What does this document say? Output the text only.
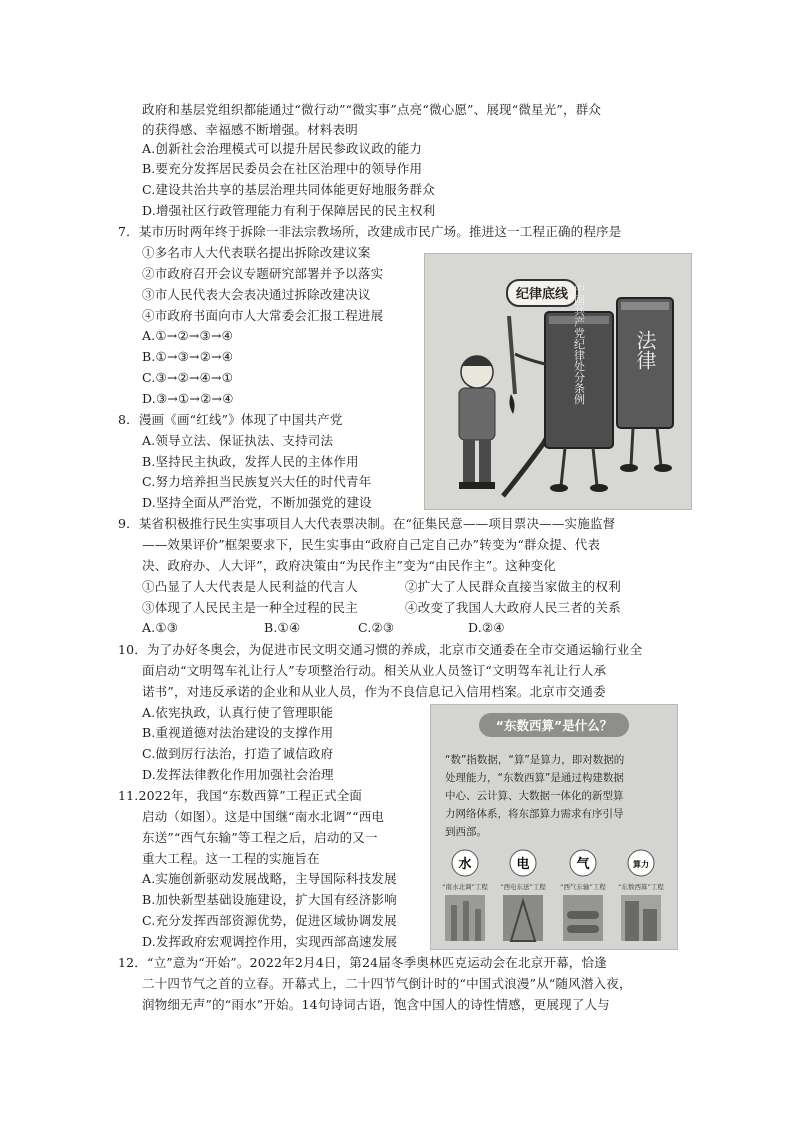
政府和基层党组织都能通过“微行动”“微实事”点亮“微心愿”、展现“微星光”，群众
的获得感、幸福感不断增强。材料表明
A.创新社会治理模式可以提升居民参政议政的能力
B.要充分发挥居民委员会在社区治理中的领导作用
C.建设共治共享的基层治理共同体能更好地服务群众
D.增强社区行政管理能力有利于保障居民的民主权利
7．某市历时两年终于拆除一非法宗教场所，改建成市民广场。推进这一工程正确的程序是
①多名市人大代表联名提出拆除改建议案
②市政府召开会议专题研究部署并予以落实
③市人民代表大会表决通过拆除改建决议
④市政府书面向市人大常委会汇报工程进展
A.①→②→③→④
B.①→③→②→④
C.③→②→④→①
D.③→①→②→④
8．漫画《画“红线”》体现了中国共产党
A.领导立法、保证执法、支持司法
B.坚持民主执政，发挥人民的主体作用
C.努力培养担当民族复兴大任的时代青年
D.坚持全面从严治党，不断加强党的建设
纪律底线 中国共产党纪律处分条例 法律
9．某省积极推行民生实事项目人大代表票决制。在“征集民意——项目票决——实施监督
——效果评价”框架要求下，民生实事由“政府自己定自己办”转变为“群众提、代表
决、政府办、人大评”，政府决策由“为民作主”变为“由民作主”。这种变化
①凸显了人大代表是人民利益的代言人	②扩大了人民群众直接当家做主的权利
③体现了人民民主是一种全过程的民主	④改变了我国人大政府人民三者的关系
A.①③	B.①④	C.②③	D.②④
10．为了办好冬奥会，为促进市民文明交通习惯的养成，北京市交通委在全市交通运输行业全
面启动“文明驾车礼让行人”专项整治行动。相关从业人员签订“文明驾车礼让行人承
诺书”，对违反承诺的企业和从业人员，作为不良信息记入信用档案。北京市交通委
A.依宪执政，认真行使了管理职能
B.重视道德对法治建设的支撑作用
C.做到厉行法治，打造了诚信政府
D.发挥法律教化作用加强社会治理
“东数西算”是什么？
“数”指数据，“算”是算力，即对数据的
处理能力，“东数西算”是通过构建数据
中心、云计算、大数据一体化的新型算
力网络体系，将东部算力需求有序引导
到西部。
水
“南水北调”工程
电
“西电东送”工程
气
“西气东输”工程
算力
“东数西算”工程
11.2022年，我国“东数西算”工程正式全面
启动（如图）。这是中国继“南水北调”“西电
东送”“西气东输”等工程之后，启动的又一
重大工程。这一工程的实施旨在
A.实施创新驱动发展战略，主导国际科技发展
B.加快新型基础设施建设，扩大国有经济影响
C.充分发挥西部资源优势，促进区域协调发展
D.发挥政府宏观调控作用，实现西部高速发展
12．“立”意为“开始”。2022年2月4日，第24届冬季奥林匹克运动会在北京开幕，恰逢
二十四节气之首的立春。开幕式上，二十四节气倒计时的“中国式浪漫”从“随风潜入夜，
润物细无声”的“雨水”开始。14句诗词古语，饱含中国人的诗性情感，更展现了人与
